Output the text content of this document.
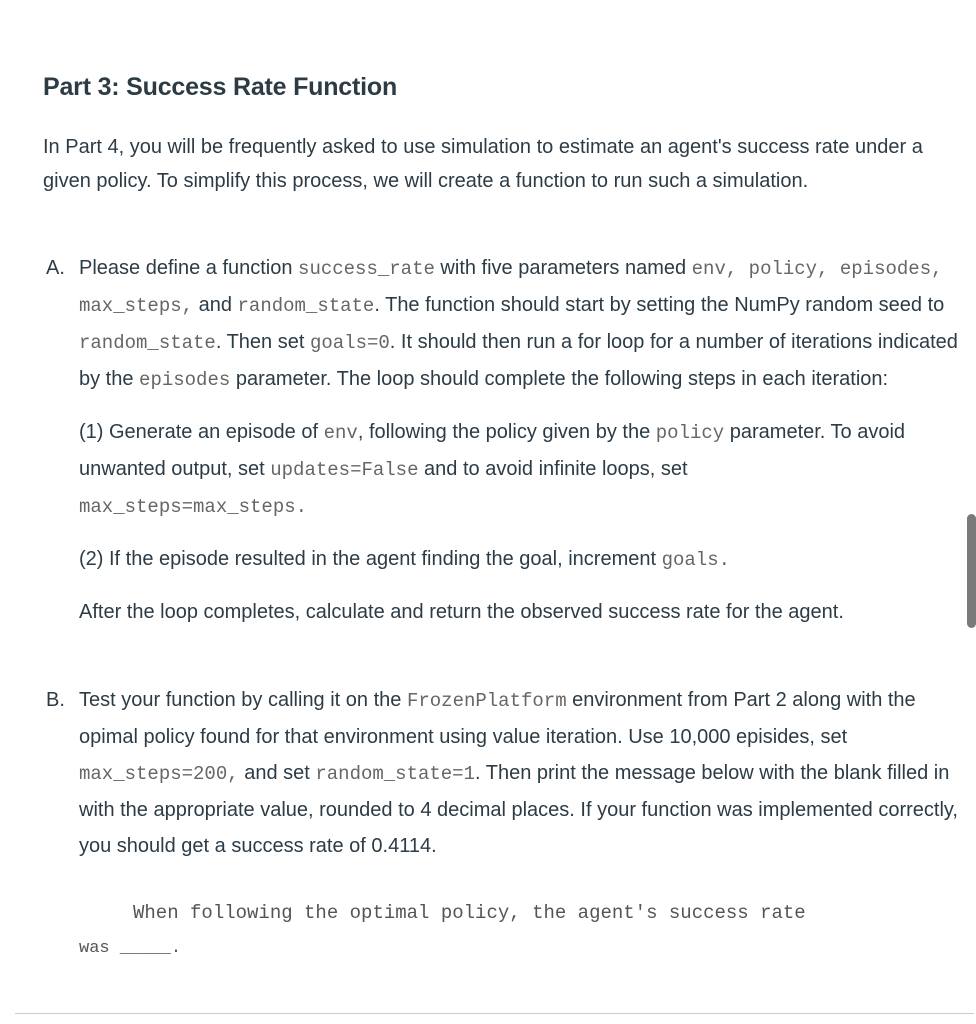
Part 3: Success Rate Function

In Part 4, you will be frequently asked to use simulation to estimate an agent's success rate under a given policy. To simplify this process, we will create a function to run such a simulation.

A. Please define a function success_rate with five parameters named env, policy, episodes, max_steps, and random_state. The function should start by setting the NumPy random seed to random_state. Then set goals=0. It should then run a for loop for a number of iterations indicated by the episodes parameter. The loop should complete the following steps in each iteration:

(1) Generate an episode of env, following the policy given by the policy parameter. To avoid unwanted output, set updates=False and to avoid infinite loops, set
max_steps=max_steps.

(2) If the episode resulted in the agent finding the goal, increment goals.

After the loop completes, calculate and return the observed success rate for the agent.

B. Test your function by calling it on the FrozenPlatform environment from Part 2 along with the opimal policy found for that environment using value iteration. Use 10,000 episides, set max_steps=200, and set random_state=1. Then print the message below with the blank filled in with the appropriate value, rounded to 4 decimal places. If your function was implemented correctly, you should get a success rate of 0.4114.

When following the optimal policy, the agent's success rate
was _____.
